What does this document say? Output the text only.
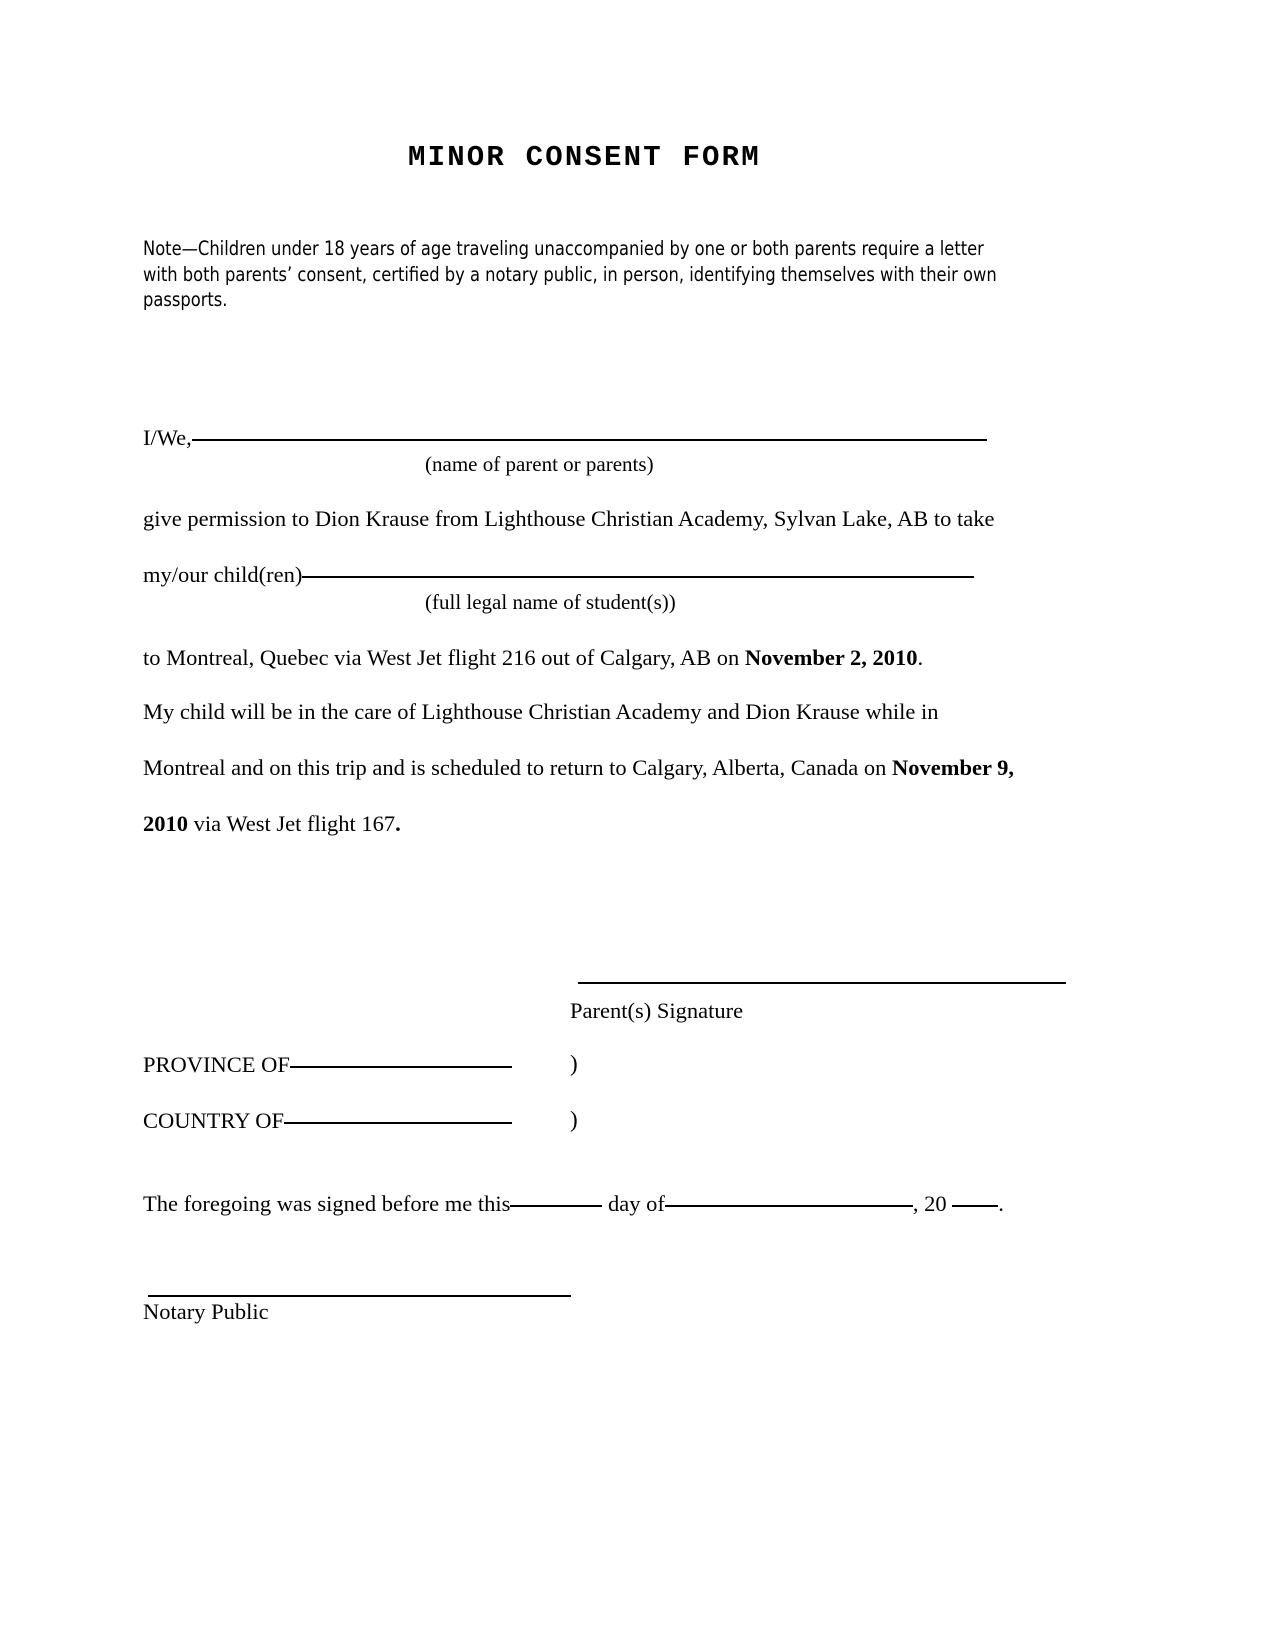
MINOR CONSENT FORM
Note—Children under 18 years of age traveling unaccompanied by one or both parents require a letter with both parents’ consent, certified by a notary public, in person, identifying themselves with their own passports.
I/We,
(name of parent or parents)
give permission to Dion Krause from Lighthouse Christian Academy, Sylvan Lake, AB to take
my/our child(ren)
(full legal name of student(s))
to Montreal, Quebec via West Jet flight 216 out of Calgary, AB on November 2, 2010.
My child will be in the care of Lighthouse Christian Academy and Dion Krause while in
Montreal and on this trip and is scheduled to return to Calgary, Alberta, Canada on November 9,
2010 via West Jet flight 167.
Parent(s) Signature
PROVINCE OF	)
COUNTRY OF	)
The foregoing was signed before me this	day of	, 20 .
Notary Public
